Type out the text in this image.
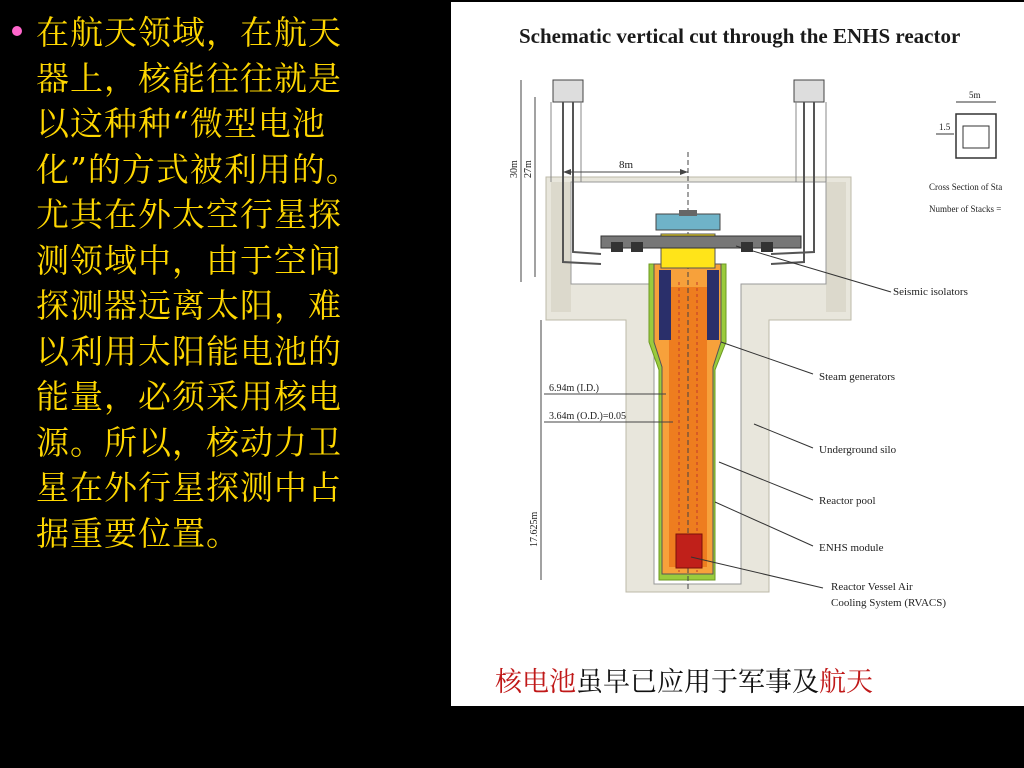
在航天领域，在航天
器上，核能往往就是
以这种种“微型电池
化”的方式被利用的。
尤其在外太空行星探
测领域中，由于空间
探测器远离太阳，难
以利用太阳能电池的
能量，必须采用核电
源。所以，核动力卫
星在外行星探测中占
据重要位置。
30m 27m	8m
6.94m (I.D.)
3.64m (O.D.)=0.05
17.625m
Seismic isolators
Steam generators
Underground silo
Reactor pool
ENHS module
Reactor Vessel Air
Cooling System (RVACS)
Cross Section of Sta
Number of Stacks =
5m
1.5
Schematic vertical cut through the ENHS reactor
核电池虽早已应用于军事及航天
